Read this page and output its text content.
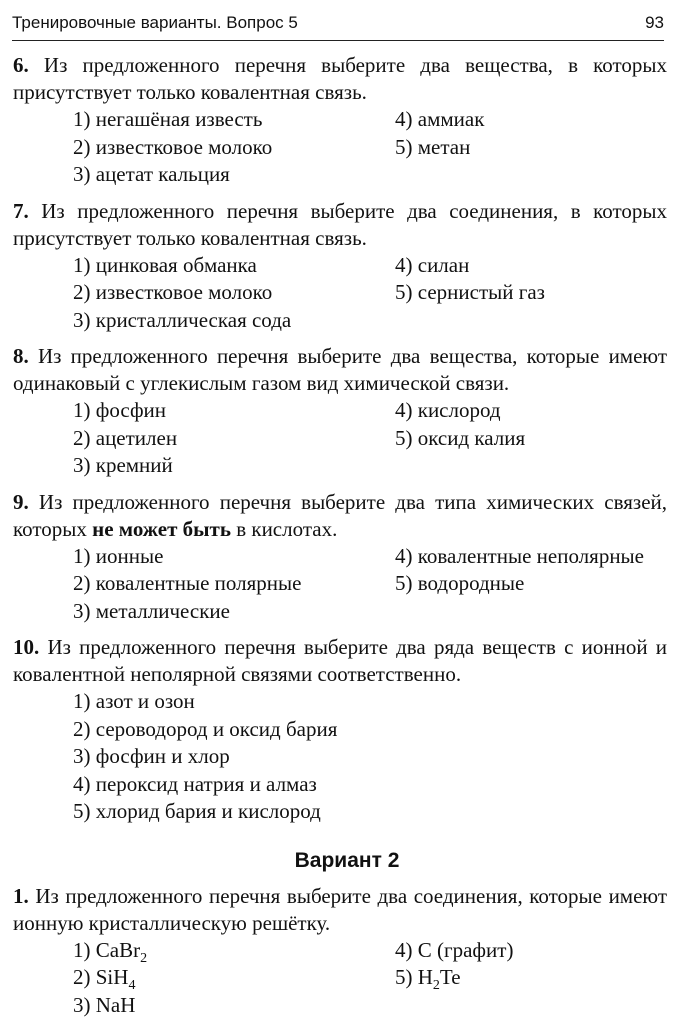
Тренировочные варианты. Вопрос 5	93

6. Из предложенного перечня выберите два вещества, в которых присутствует только ковалентная связь.

1) негашёная известь	4) аммиак
2) известковое молоко	5) метан
3) ацетат кальция

7. Из предложенного перечня выберите два соединения, в которых присутствует только ковалентная связь.

1) цинковая обманка	4) силан
2) известковое молоко	5) сернистый газ
3) кристаллическая сода

8. Из предложенного перечня выберите два вещества, которые имеют одинаковый с углекислым газом вид химической связи.

1) фосфин	4) кислород
2) ацетилен	5) оксид калия
3) кремний

9. Из предложенного перечня выберите два типа химических связей, которых не может быть в кислотах.

1) ионные	4) ковалентные неполярные
2) ковалентные полярные	5) водородные
3) металлические

10. Из предложенного перечня выберите два ряда веществ с ионной и ковалентной неполярной связями соответственно.

1) азот и озон
2) сероводород и оксид бария
3) фосфин и хлор
4) пероксид натрия и алмаз
5) хлорид бария и кислород
Вариант 2

1. Из предложенного перечня выберите два соединения, которые имеют ионную кристаллическую решётку.

1) CaBr$_2$	4) C (графит)
2) SiH$_4$	5) $H_2Te$
3) NaH
